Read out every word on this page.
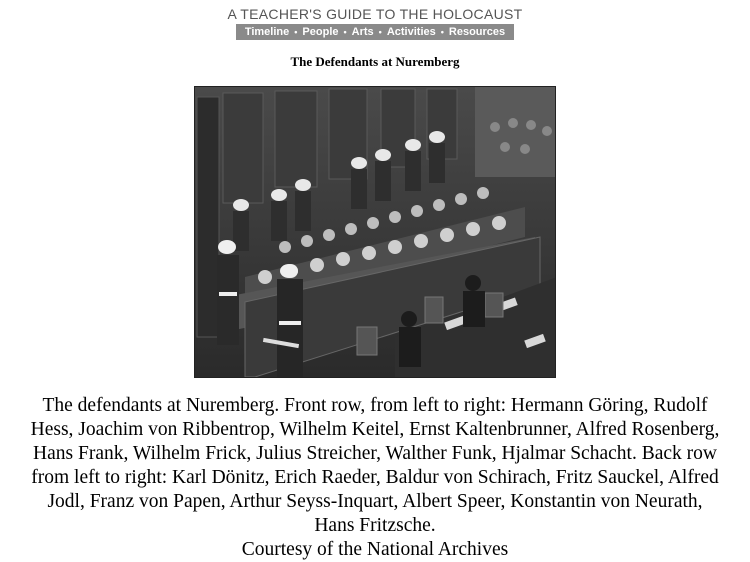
A TEACHER'S GUIDE TO THE HOLOCAUST
Timeline • People • Arts • Activities • Resources
The Defendants at Nuremberg
The defendants at Nuremberg. Front row, from left to right: Hermann Göring, Rudolf Hess, Joachim von Ribbentrop, Wilhelm Keitel, Ernst Kaltenbrunner, Alfred Rosenberg, Hans Frank, Wilhelm Frick, Julius Streicher, Walther Funk, Hjalmar Schacht. Back row from left to right: Karl Dönitz, Erich Raeder, Baldur von Schirach, Fritz Sauckel, Alfred Jodl, Franz von Papen, Arthur Seyss-Inquart, Albert Speer, Konstantin von Neurath, Hans Fritzsche.
Courtesy of the National Archives
